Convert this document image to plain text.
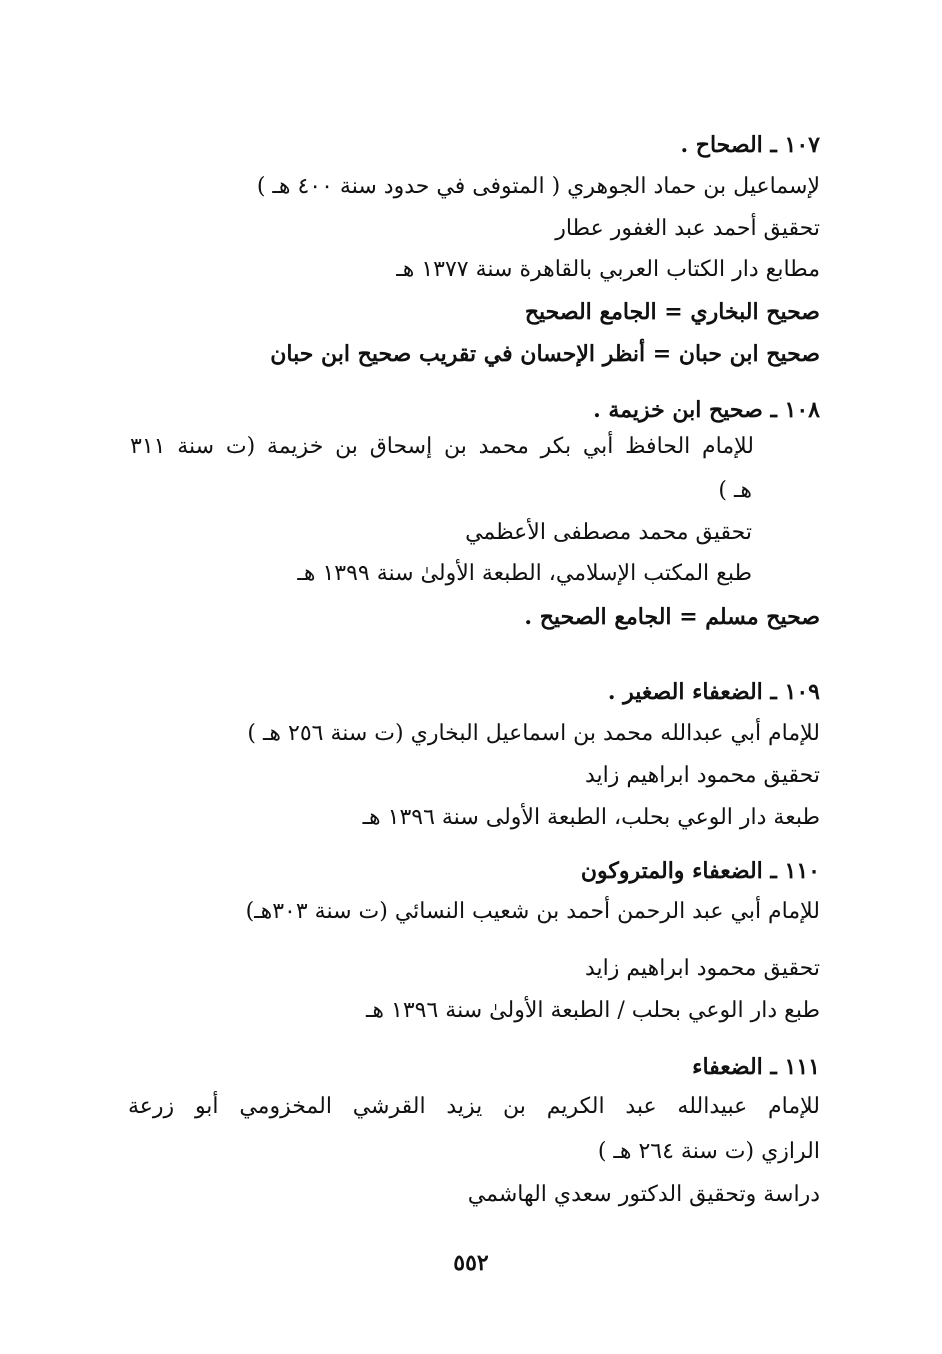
١٠٧ ـ الصحاح .
لإسماعيل بن حماد الجوهري ( المتوفى في حدود سنة ٤٠٠ هـ )
تحقيق أحمد عبد الغفور عطار
مطابع دار الكتاب العربي بالقاهرة سنة ١٣٧٧ هـ
صحيح البخاري = الجامع الصحيح
صحيح ابن حبان = أنظر الإحسان في تقريب صحيح ابن حبان
١٠٨ ـ صحيح ابن خزيمة .
للإمام الحافظ أبي بكر محمد بن إسحاق بن خزيمة (ت سنة ٣١١
هـ )
تحقيق محمد مصطفى الأعظمي
طبع المكتب الإسلامي، الطبعة الأولىٰ سنة ١٣٩٩ هـ
صحيح مسلم = الجامع الصحيح .
١٠٩ ـ الضعفاء الصغير .
للإمام أبي عبدالله محمد بن اسماعيل البخاري (ت سنة ٢٥٦ هـ )
تحقيق محمود ابراهيم زايد
طبعة دار الوعي بحلب، الطبعة الأولى سنة ١٣٩٦ هـ
١١٠ ـ الضعفاء والمتروكون
للإمام أبي عبد الرحمن أحمد بن شعيب النسائي (ت سنة ٣٠٣هـ)
تحقيق محمود ابراهيم زايد
طبع دار الوعي بحلب / الطبعة الأولىٰ سنة ١٣٩٦ هـ
١١١ ـ الضعفاء
للإمام عبيدالله عبد الكريم بن يزيد القرشي المخزومي أبو زرعة
الرازي (ت سنة ٢٦٤ هـ )
دراسة وتحقيق الدكتور سعدي الهاشمي
٥٥٢
